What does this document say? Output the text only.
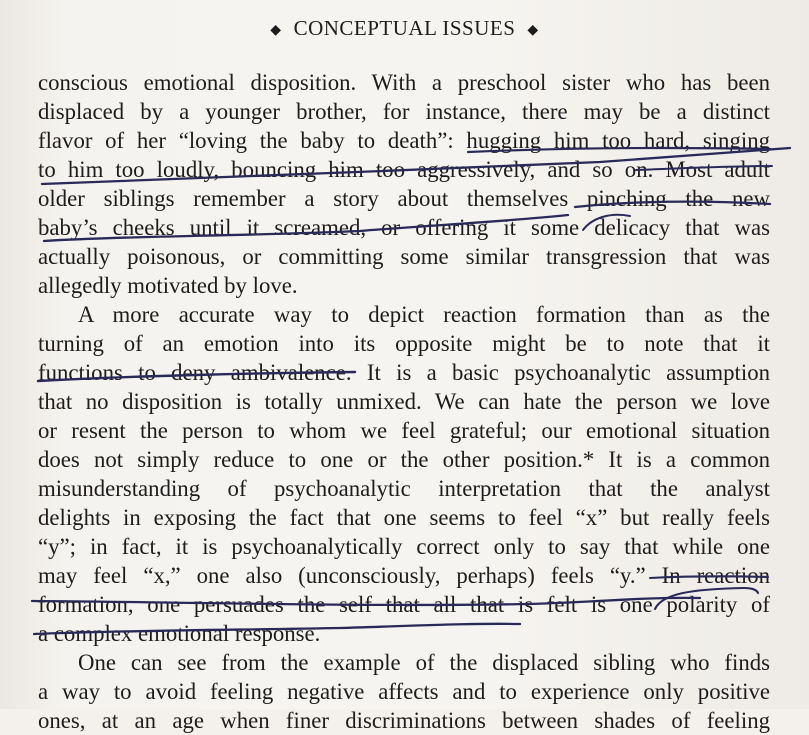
◆ CONCEPTUAL ISSUES ◆
conscious emotional disposition. With a preschool sister who has been
displaced by a younger brother, for instance, there may be a distinct
flavor of her “loving the baby to death”: hugging him too hard, singing
to him too loudly, bouncing him too aggressively, and so on. Most adult
older siblings remember a story about themselves pinching the new
baby’s cheeks until it screamed, or offering it some delicacy that was
actually poisonous, or committing some similar transgression that was
allegedly motivated by love.
A more accurate way to depict reaction formation than as the
turning of an emotion into its opposite might be to note that it
functions to deny ambivalence. It is a basic psychoanalytic assumption
that no disposition is totally unmixed. We can hate the person we love
or resent the person to whom we feel grateful; our emotional situation
does not simply reduce to one or the other position.* It is a common
misunderstanding of psychoanalytic interpretation that the analyst
delights in exposing the fact that one seems to feel “x” but really feels
“y”; in fact, it is psychoanalytically correct only to say that while one
may feel “x,” one also (unconsciously, perhaps) feels “y.” In reaction
formation, one persuades the self that all that is felt is one polarity of
a complex emotional response.
One can see from the example of the displaced sibling who finds
a way to avoid feeling negative affects and to experience only positive
ones, at an age when finer discriminations between shades of feeling
